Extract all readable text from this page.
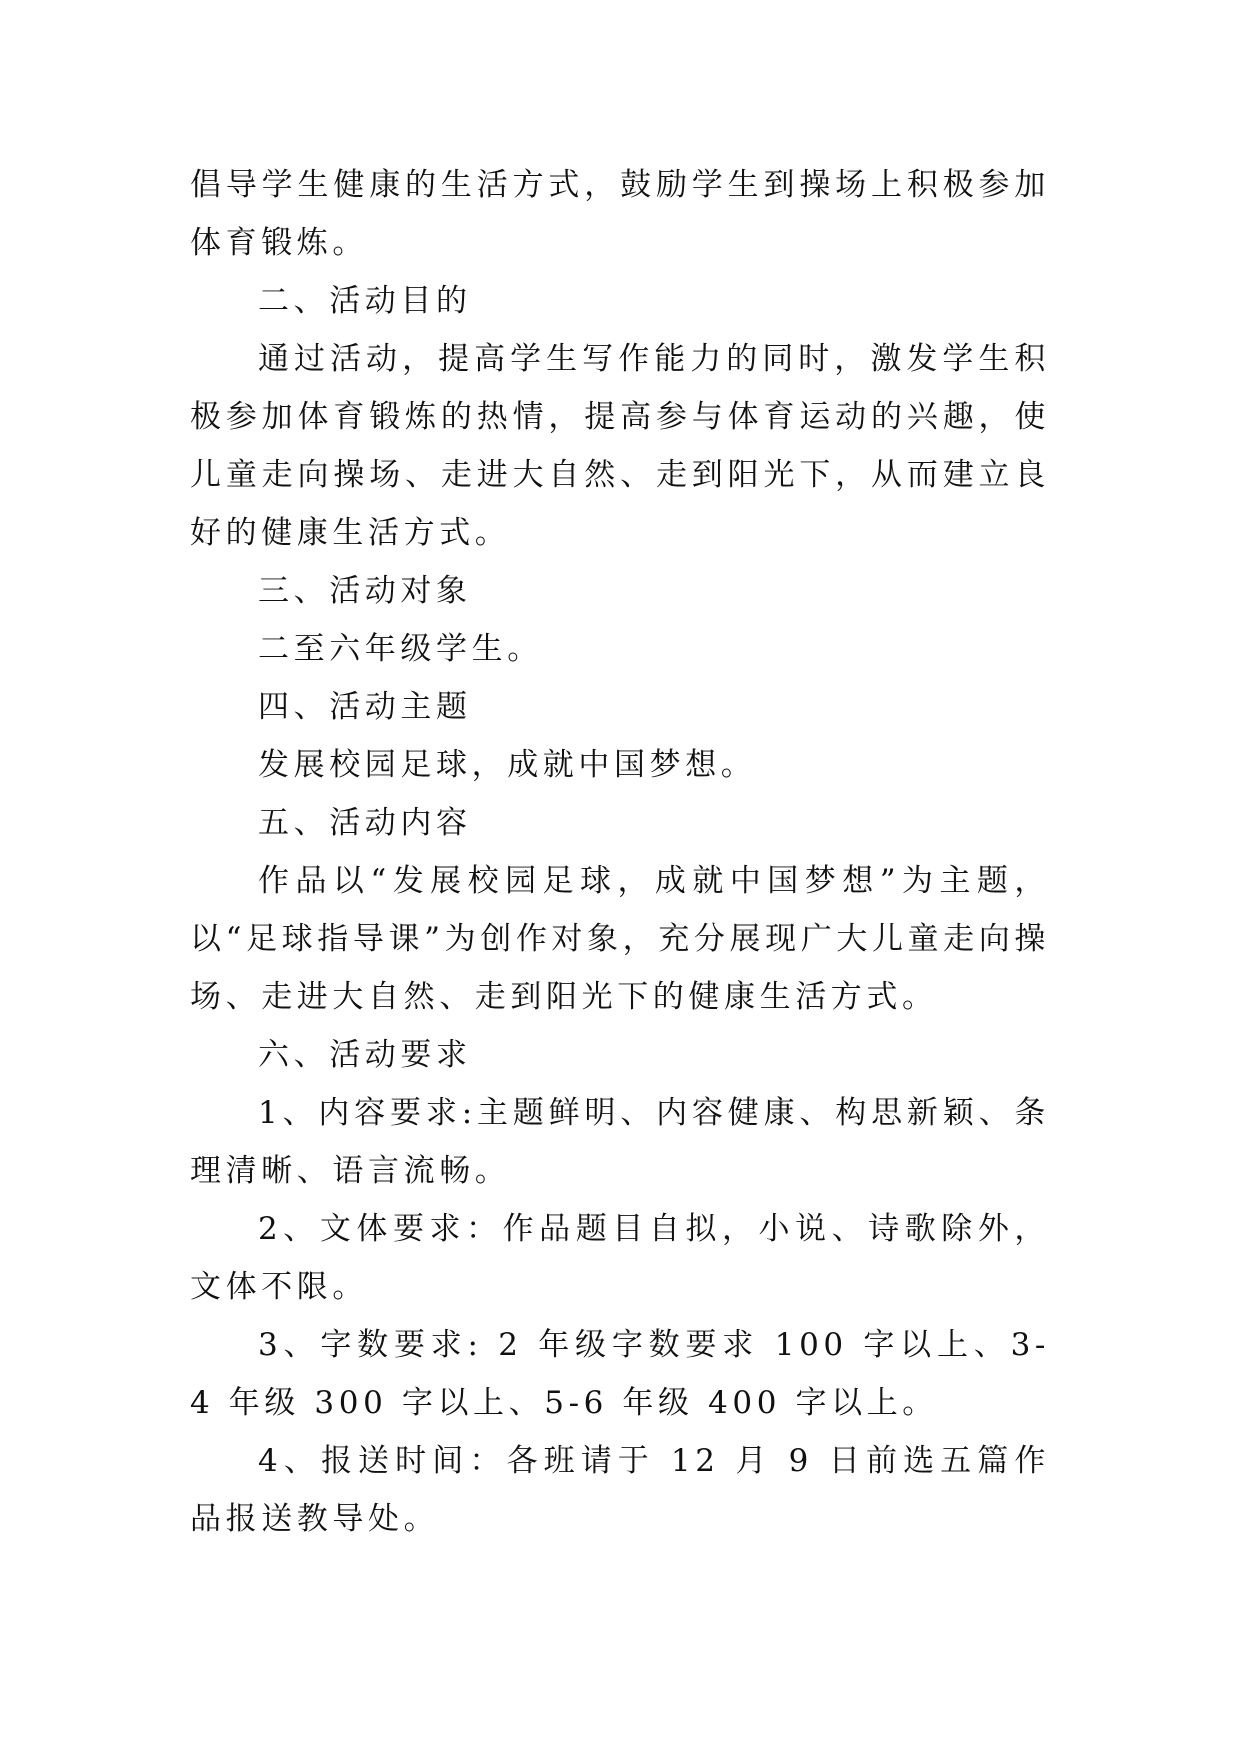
倡导学生健康的生活方式，鼓励学生到操场上积极参加体育锻炼。

二、活动目的

通过活动，提高学生写作能力的同时，激发学生积极参加体育锻炼的热情，提高参与体育运动的兴趣，使儿童走向操场、走进大自然、走到阳光下，从而建立良好的健康生活方式。

三、活动对象

二至六年级学生。

四、活动主题

发展校园足球，成就中国梦想。

五、活动内容

作品以“发展校园足球，成就中国梦想”为主题，以“足球指导课”为创作对象，充分展现广大儿童走向操场、走进大自然、走到阳光下的健康生活方式。

六、活动要求

1、内容要求:主题鲜明、内容健康、构思新颖、条理清晰、语言流畅。

2、文体要求：作品题目自拟，小说、诗歌除外，文体不限。

3、字数要求: 2 年级字数要求 100 字以上、3-4 年级 300 字以上、5-6 年级 400 字以上。

4、报送时间：各班请于 12 月 9 日前选五篇作品报送教导处。
